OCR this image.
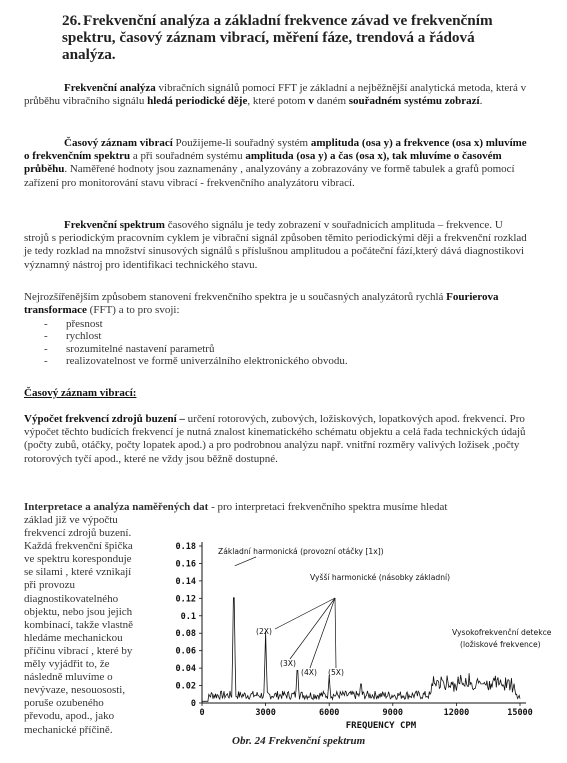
26. Frekvenční analýza a základní frekvence závad ve frekvenčním spektru, časový záznam vibrací, měření fáze, trendová a řádová analýza.
Frekvenční analýza vibračních signálů pomocí FFT je základní a nejběžnější analytická metoda, která v průběhu vibračního signálu hledá periodické děje, které potom v daném souřadném systému zobrazí.
Časový záznam vibrací Použijeme-li souřadný systém amplituda (osa y) a frekvence (osa x) mluvíme o frekvenčním spektru a při souřadném systému amplituda (osa y) a čas (osa x), tak mluvíme o časovém průběhu. Naměřené hodnoty jsou zaznamenány , analyzovány a zobrazovány ve formě tabulek a grafů pomocí zařízení pro monitorování stavu vibrací - frekvenčního analyzátoru vibrací.
Frekvenční spektrum časového signálu je tedy zobrazení v souřadnicích amplituda – frekvence. U strojů s periodickým pracovním cyklem je vibrační signál způsoben těmito periodickými ději a frekvenční rozklad je tedy rozklad na množství sinusových signálů s příslušnou amplitudou a počáteční fází,který dává diagnostikovi významný nástroj pro identifikaci technického stavu.
Nejrozšířenějším způsobem stanovení frekvenčního spektra je u současných analyzátorů rychlá Fourierova transformace (FFT) a to pro svoji:
-	přesnost
-	rychlost
-	srozumitelné nastavení parametrů
-	realizovatelnost ve formě univerzálního elektronického obvodu.
Časový záznam vibrací:
Výpočet frekvencí zdrojů buzení – určení rotorových, zubových, ložiskových, lopatkových apod. frekvencí. Pro výpočet těchto budících frekvencí je nutná znalost kinematického schématu objektu a celá řada technických údajů (počty zubů, otáčky, počty lopatek apod.) a pro podrobnou analýzu např. vnitřní rozměry valivých ložisek ,počty rotorových tyčí apod., které ne vždy jsou běžně dostupné.
Interpretace a analýza naměřených dat - pro interpretaci frekvenčního spektra musíme hledat
základ již ve výpočtu
frekvencí zdrojů buzení.
Každá frekvenční špička
ve spektru koresponduje
se silami , které vznikají
při provozu
diagnostikovatelného
objektu, nebo jsou jejich
kombinací, takže vlastně
hledáme mechanickou
příčinu vibrací , které by
měly vyjádřit to, že
následně mluvíme o
nevývaze, nesouososti,
poruše ozubeného
převodu, apod., jako
mechanické příčině.
0
0.02
0.04
0.06
0.08
0.1
0.12
0.14
0.16
0.18
0	3000	6000	9000	12000	15000
FREQUENCY CPM
Základní harmonická (provozní otáčky [1x])
Vyšší harmonické (násobky základní)
Vysokofrekvenční detekce
(ložiskové frekvence)
(2X)
(3X)
(4X) (5X)
Obr. 24 Frekvenční spektrum
